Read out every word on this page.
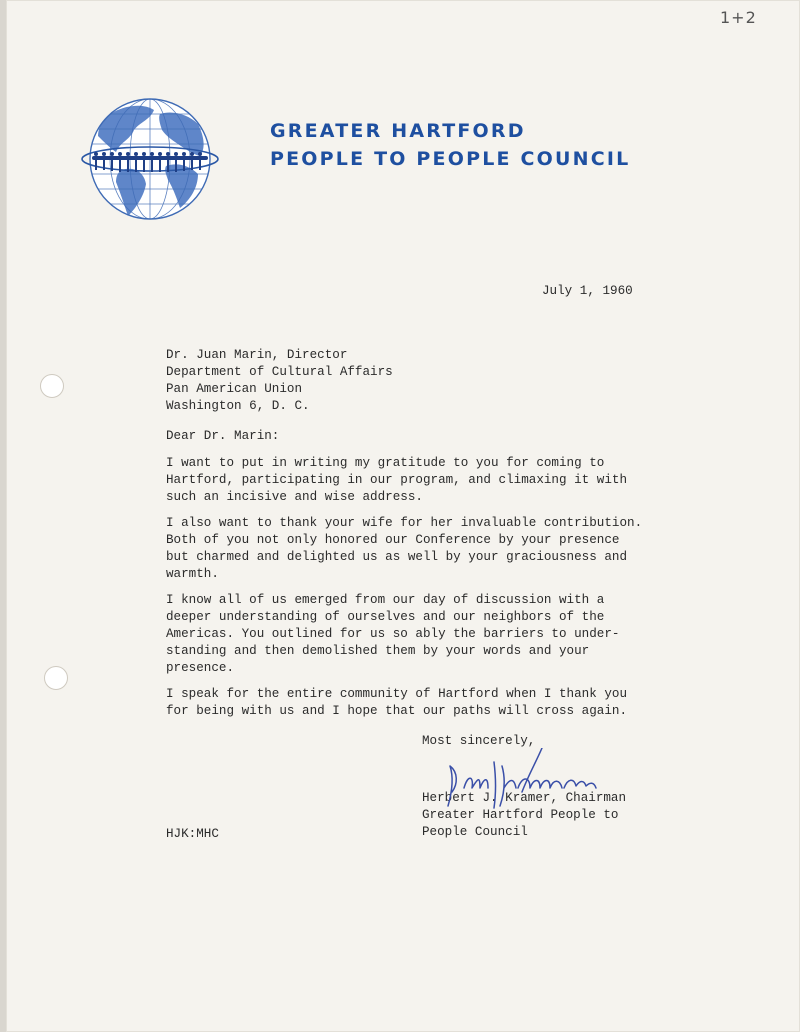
1+2
GREATER HARTFORD
PEOPLE TO PEOPLE COUNCIL
July 1, 1960
Dr. Juan Marin, Director
Department of Cultural Affairs
Pan American Union
Washington 6, D. C.
Dear Dr. Marin:
I want to put in writing my gratitude to you for coming to
Hartford, participating in our program, and climaxing it with
such an incisive and wise address.
I also want to thank your wife for her invaluable contribution.
Both of you not only honored our Conference by your presence
but charmed and delighted us as well by your graciousness and
warmth.
I know all of us emerged from our day of discussion with a
deeper understanding of ourselves and our neighbors of the
Americas. You outlined for us so ably the barriers to under-
standing and then demolished them by your words and your
presence.
I speak for the entire community of Hartford when I thank you
for being with us and I hope that our paths will cross again.
Most sincerely,
Herbert J. Kramer, Chairman
Greater Hartford People to
People Council
HJK:MHC
